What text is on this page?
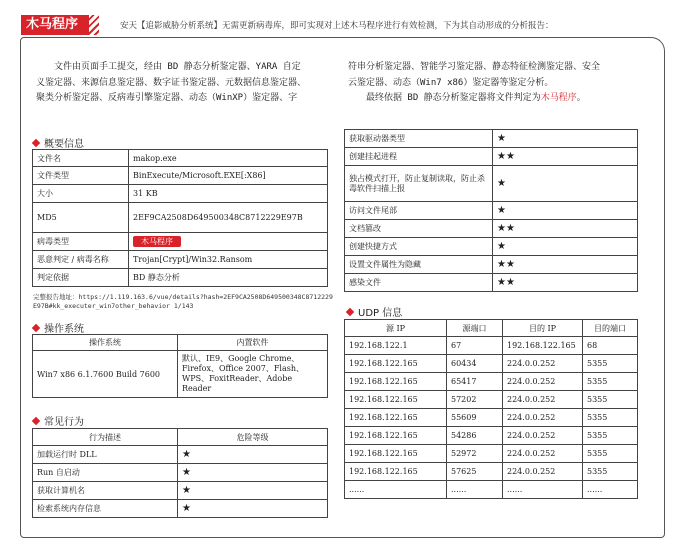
木马程序	安天【追影威胁分析系统】无需更新病毒库，即可实现对上述木马程序进行有效检测，下为其自动形成的分析报告：

文件由页面手工提交，经由 BD 静态分析鉴定器、YARA 自定

义鉴定器、来源信息鉴定器、数字证书鉴定器、元数据信息鉴定器、

聚类分析鉴定器、反病毒引擎鉴定器、动态（WinXP）鉴定器、字

符串分析鉴定器、智能学习鉴定器、静态特征检测鉴定器、安全

云鉴定器、动态（Win7 x86）鉴定器等鉴定分析。

最终依据 BD 静态分析鉴定器将文件判定为木马程序。

概要信息
文件名	makop.exe
文件类型	BinExecute/Microsoft.EXE[:X86]
大小	31 KB
MD5	2EF9CA2508D649500348C8712229E97B
病毒类型	木马程序
恶意判定 / 病毒名称	Trojan[Crypt]/Win32.Ransom
判定依据	BD 静态分析
完整报告地址：https://1.119.163.6/vue/details?hash=2EF9CA2508D649500348C8712229E97B#kk_executer_win7other_behavior 1/143
操作系统
操作系统	内置软件
Win7 x86 6.1.7600 Build 7600	默认、IE9、Google Chrome、Firefox、Office 2007、Flash、WPS、FoxitReader、Adobe Reader
常见行为
行为描述	危险等级
加载运行时 DLL	★
Run 自启动	★
获取计算机名	★
检索系统内存信息	★
获取驱动器类型	★
创建挂起进程	★★
独占模式打开，防止复制读取，防止杀毒软件扫描上报	★
访问文件尾部	★
文档篡改	★★
创建快捷方式	★
设置文件属性为隐藏	★★
感染文件	★★
UDP 信息
源 IP	源端口	目的 IP	目的端口
192.168.122.1	67	192.168.122.165	68
192.168.122.165	60434	224.0.0.252	5355
192.168.122.165	65417	224.0.0.252	5355
192.168.122.165	57202	224.0.0.252	5355
192.168.122.165	55609	224.0.0.252	5355
192.168.122.165	54286	224.0.0.252	5355
192.168.122.165	52972	224.0.0.252	5355
192.168.122.165	57625	224.0.0.252	5355
......	......	......	......
